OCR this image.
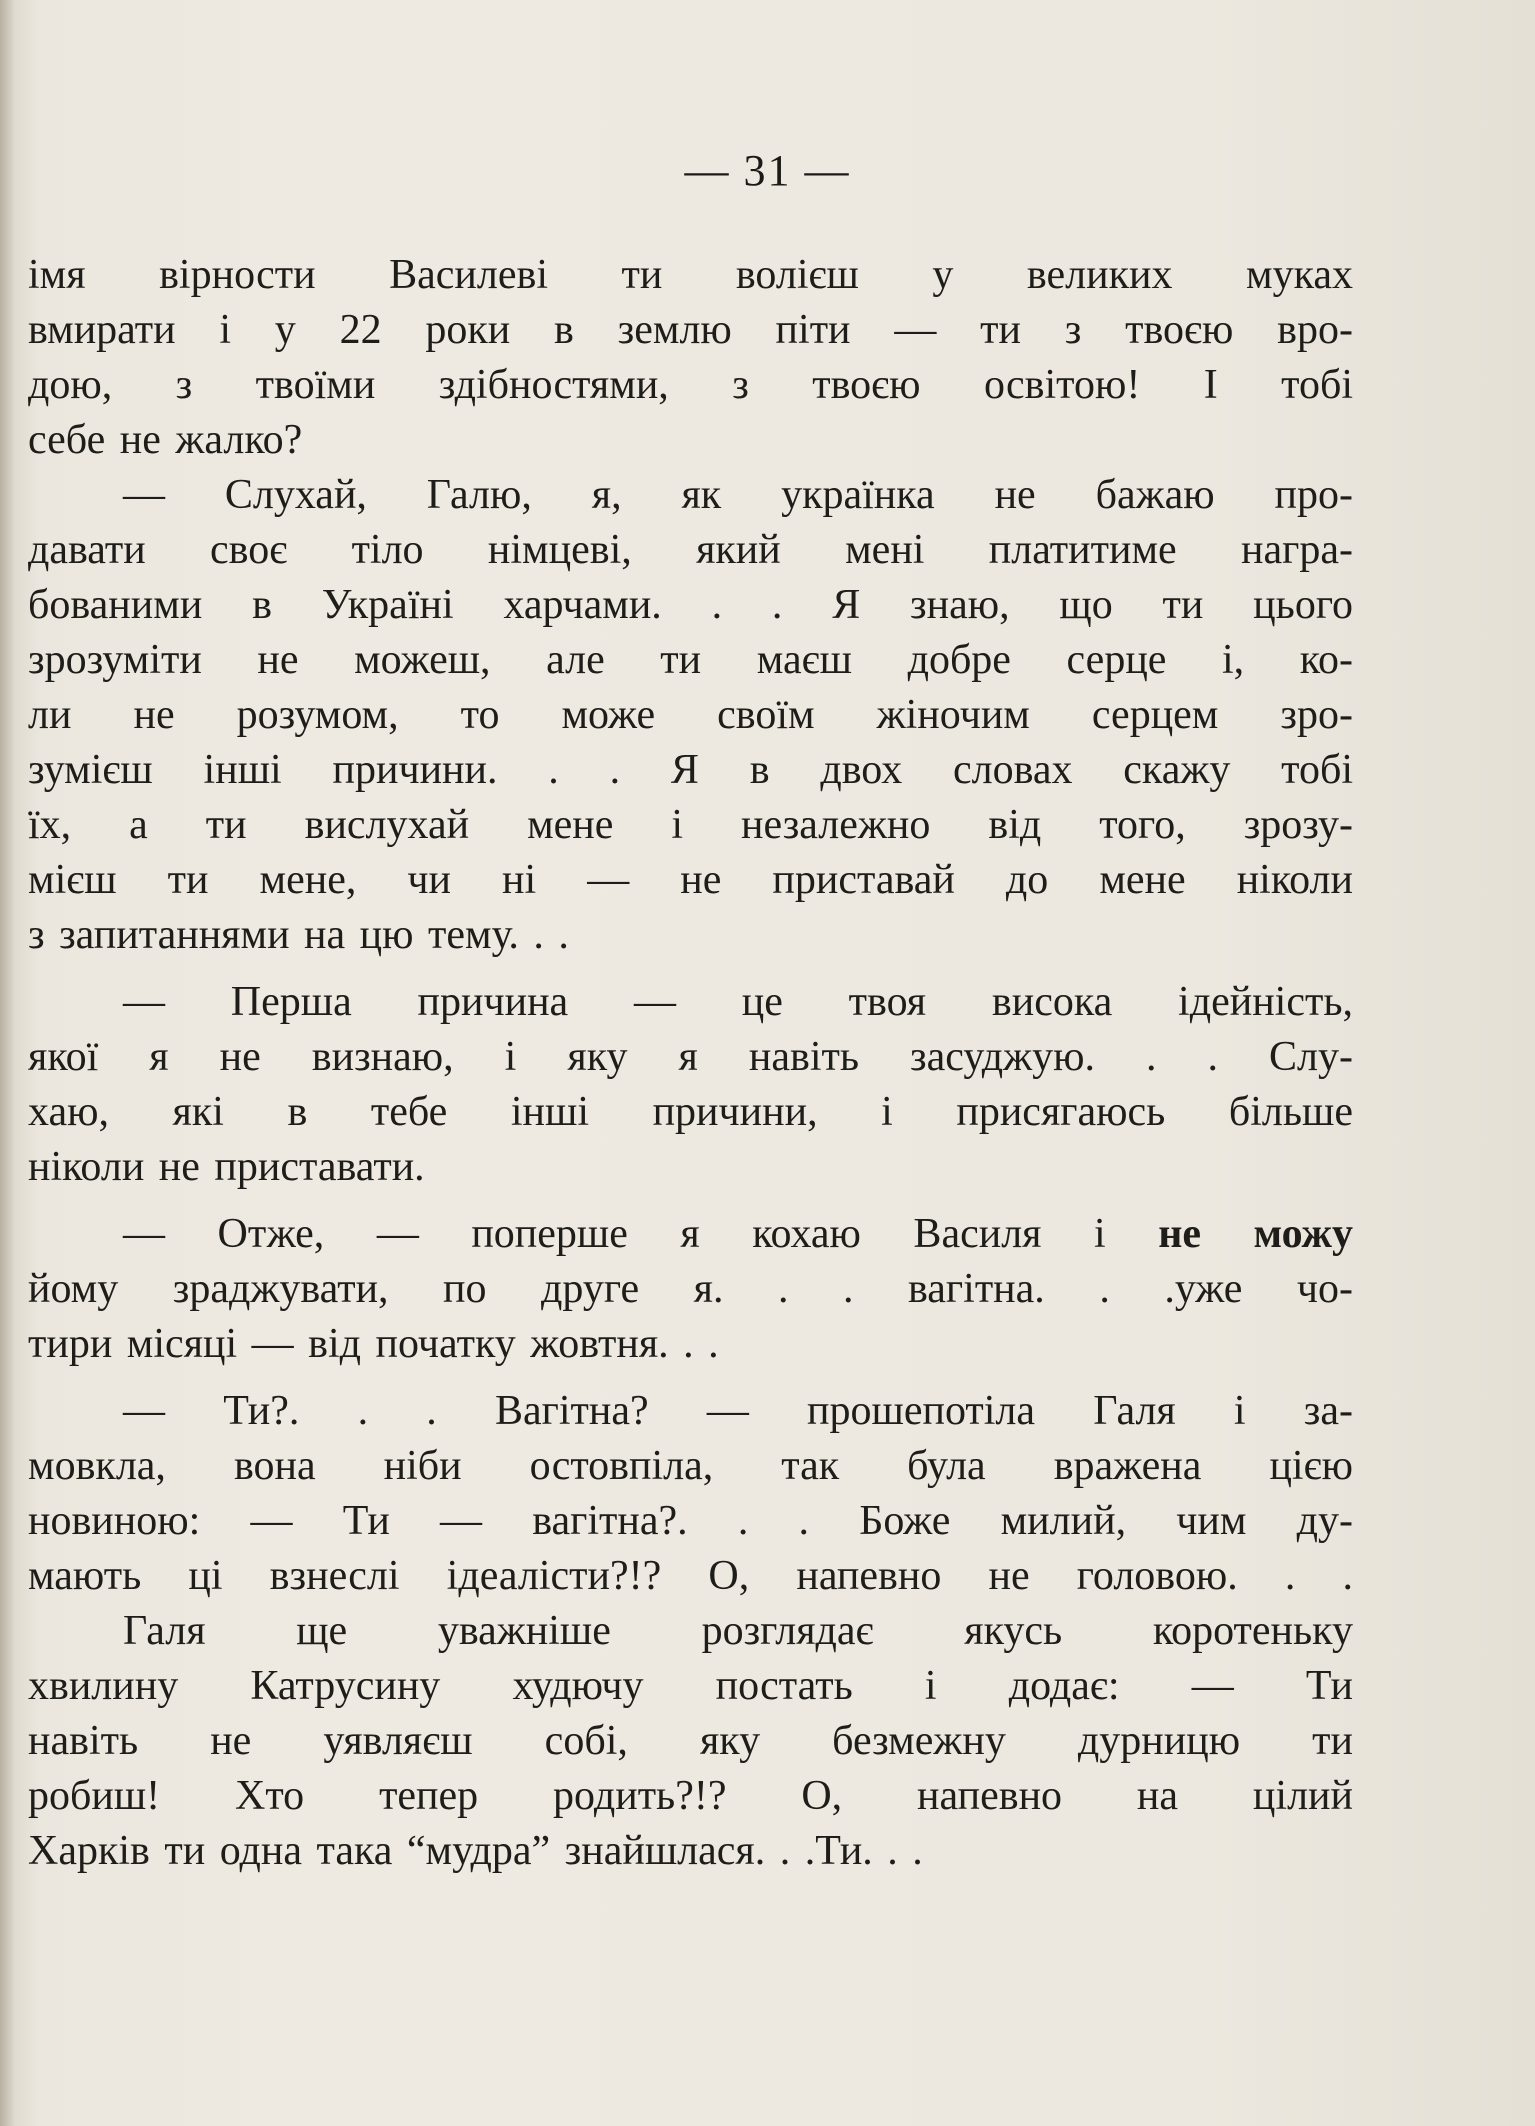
— 31 —
імя вірности Василеві ти волієш у великих муках
вмирати і у 22 роки в землю піти — ти з твоєю вро-
дою, з твоїми здібностями, з твоєю освітою! І тобі
себе не жалко?
— Слухай, Галю, я, як українка не бажаю про-
давати своє тіло німцеві, який мені платитиме награ-
бованими в Україні харчами. . . Я знаю, що ти цього
зрозуміти не можеш, але ти маєш добре серце і, ко-
ли не розумом, то може своїм жіночим серцем зро-
зумієш інші причини. . . Я в двох словах скажу тобі
їх, а ти вислухай мене і незалежно від того, зрозу-
мієш ти мене, чи ні — не приставай до мене ніколи
з запитаннями на цю тему. . .
— Перша причина — це твоя висока ідейність,
якої я не визнаю, і яку я навіть засуджую. . . Слу-
хаю, які в тебе інші причини, і присягаюсь більше
ніколи не приставати.
— Отже, — поперше я кохаю Василя і не можу
йому зраджувати, по друге я. . . вагітна. . .уже чо-
тири місяці — від початку жовтня. . .
— Ти?. . . Вагітна? — прошепотіла Галя і за-
мовкла, вона ніби остовпіла, так була вражена цією
новиною: — Ти — вагітна?. . . Боже милий, чим ду-
мають ці взнеслі ідеалісти?!? О, напевно не головою. . .
Галя ще уважніше розглядає якусь коротеньку
хвилину Катрусину худючу постать і додає: — Ти
навіть не уявляєш собі, яку безмежну дурницю ти
робиш! Хто тепер родить?!? О, напевно на цілий
Харків ти одна така “мудра” знайшлася. . .Ти. . .
